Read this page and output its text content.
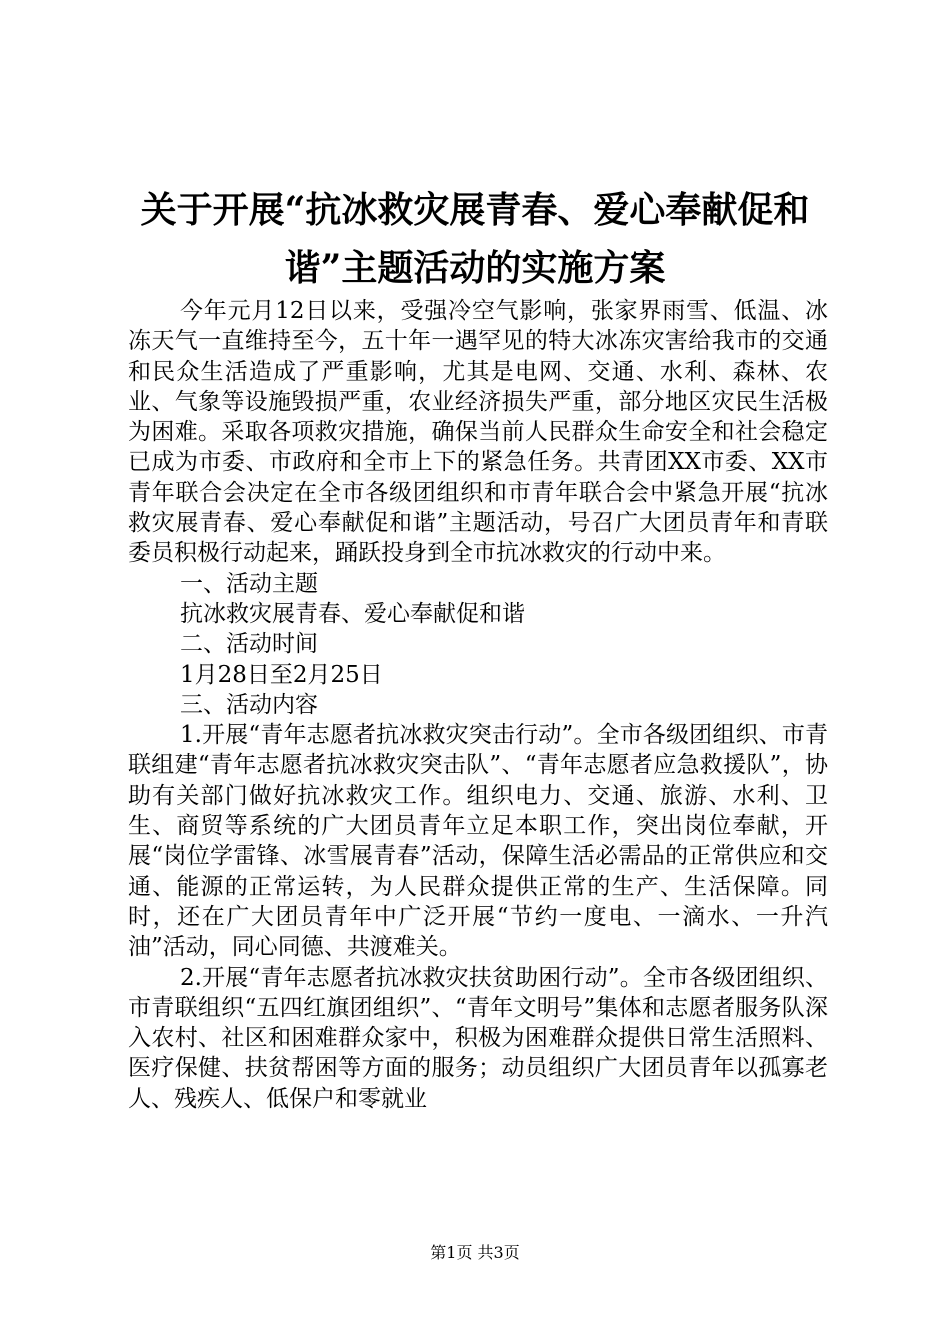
关于开展“抗冰救灾展青春、爱心奉献促和
谐”主题活动的实施方案

今年元月12日以来，受强冷空气影响，张家界雨雪、低温、冰冻天气一直维持至今，五十年一遇罕见的特大冰冻灾害给我市的交通和民众生活造成了严重影响，尤其是电网、交通、水利、森林、农业、气象等设施毁损严重，农业经济损失严重，部分地区灾民生活极为困难。采取各项救灾措施，确保当前人民群众生命安全和社会稳定已成为市委、市政府和全市上下的紧急任务。共青团XX市委、XX市青年联合会决定在全市各级团组织和市青年联合会中紧急开展“抗冰救灾展青春、爱心奉献促和谐”主题活动，号召广大团员青年和青联委员积极行动起来，踊跃投身到全市抗冰救灾的行动中来。

一、活动主题

抗冰救灾展青春、爱心奉献促和谐

二、活动时间

1月28日至2月25日

三、活动内容

1.开展“青年志愿者抗冰救灾突击行动”。全市各级团组织、市青联组建“青年志愿者抗冰救灾突击队”、“青年志愿者应急救援队”，协助有关部门做好抗冰救灾工作。组织电力、交通、旅游、水利、卫生、商贸等系统的广大团员青年立足本职工作，突出岗位奉献，开展“岗位学雷锋、冰雪展青春”活动，保障生活必需品的正常供应和交通、能源的正常运转，为人民群众提供正常的生产、生活保障。同时，还在广大团员青年中广泛开展“节约一度电、一滴水、一升汽油”活动，同心同德、共渡难关。

2.开展“青年志愿者抗冰救灾扶贫助困行动”。全市各级团组织、市青联组织“五四红旗团组织”、“青年文明号”集体和志愿者服务队深入农村、社区和困难群众家中，积极为困难群众提供日常生活照料、医疗保健、扶贫帮困等方面的服务；动员组织广大团员青年以孤寡老人、残疾人、低保户和零就业

第1页 共3页
